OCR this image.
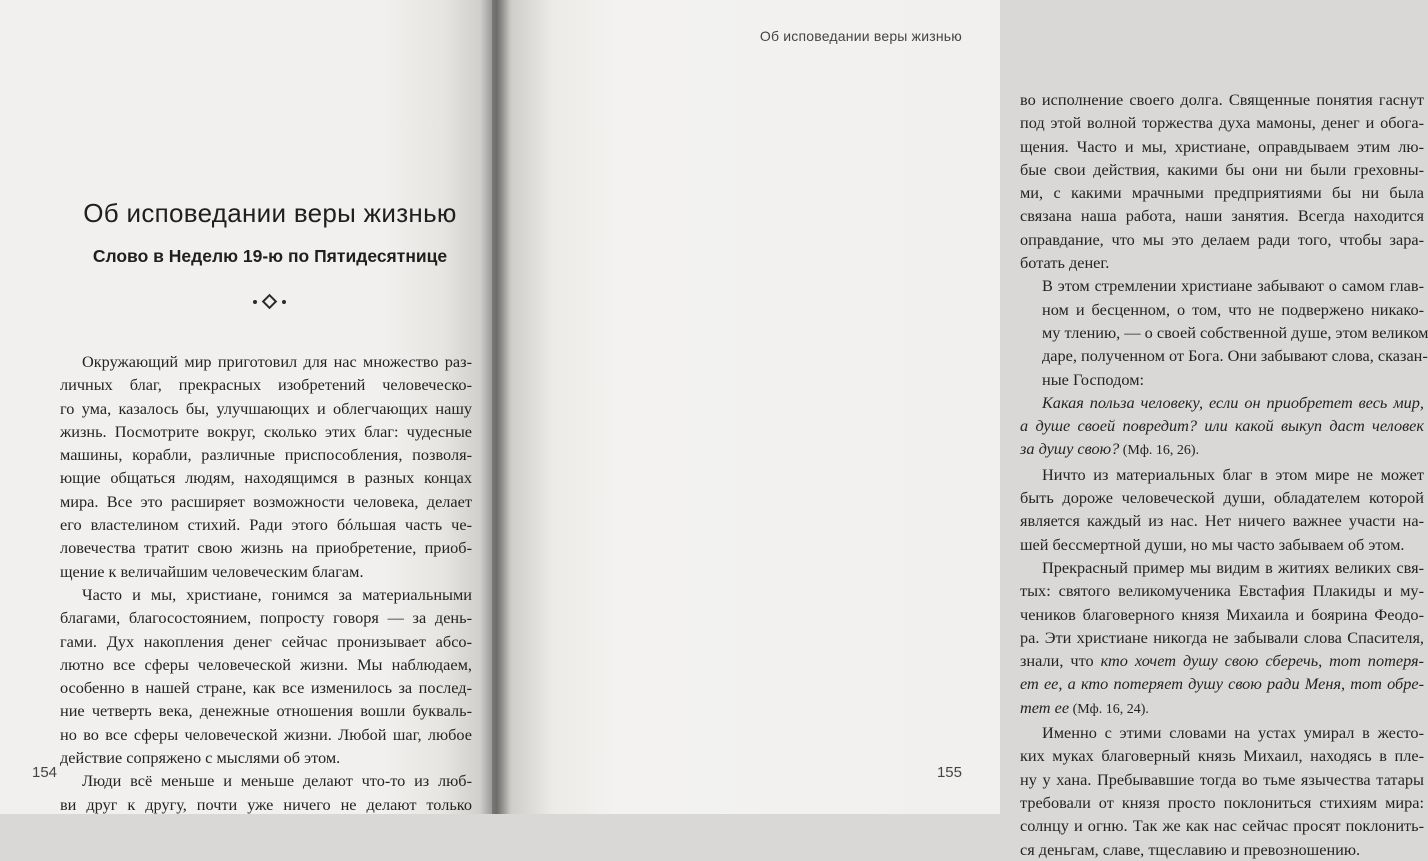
Об исповедании веры жизнью
Слово в Неделю 19-ю по Пятидесятнице

Окружающий мир приготовил для нас множество раз-
личных благ, прекрасных изобретений человеческо-
го ума, казалось бы, улучшающих и облегчающих нашу
жизнь. Посмотрите вокруг, сколько этих благ: чудесные
машины, корабли, различные приспособления, позволя-
ющие общаться людям, находящимся в разных концах
мира. Все это расширяет возможности человека, делает
его властелином стихий. Ради этого бóльшая часть че-
ловечества тратит свою жизнь на приобретение, приоб-
щение к величайшим человеческим благам.

Часто и мы, христиане, гонимся за материальными
благами, благосостоянием, попросту говоря — за день-
гами. Дух накопления денег сейчас пронизывает абсо-
лютно все сферы человеческой жизни. Мы наблюдаем,
особенно в нашей стране, как все изменилось за послед-
ние четверть века, денежные отношения вошли букваль-
но во все сферы человеческой жизни. Любой шаг, любое
действие сопряжено с мыслями об этом.

Люди всё меньше и меньше делают что-то из люб-
ви друг к другу, почти уже ничего не делают только

154
Об исповедании веры жизнью

во исполнение своего долга. Священные понятия гаснут
под этой волной торжества духа мамоны, денег и обога-
щения. Часто и мы, христиане, оправдываем этим лю-
бые свои действия, какими бы они ни были греховны-
ми, с какими мрачными предприятиями бы ни была
связана наша работа, наши занятия. Всегда находится
оправдание, что мы это делаем ради того, чтобы зара-
ботать денег.

В этом стремлении христиане забывают о самом глав-
ном и бесценном, о том, что не подвержено никако-
му тлению, — о своей собственной душе, этом великом
даре, полученном от Бога. Они забывают слова, сказан-
ные Господом:

Какая польза человеку, если он приобретет весь мир,
а душе своей повредит? или какой выкуп даст человек
за душу свою? (Мф. 16, 26).

Ничто из материальных благ в этом мире не может
быть дороже человеческой души, обладателем которой
является каждый из нас. Нет ничего важнее участи на-
шей бессмертной души, но мы часто забываем об этом.

Прекрасный пример мы видим в житиях великих свя-
тых: святого великомученика Евстафия Плакиды и му-
чеников благоверного князя Михаила и боярина Феодо-
ра. Эти христиане никогда не забывали слова Спасителя,
знали, что кто хочет душу свою сберечь, тот потеря-
ет ее, а кто потеряет душу свою ради Меня, тот обре-
тет ее (Мф. 16, 24).

Именно с этими словами на устах умирал в жесто-
ких муках благоверный князь Михаил, находясь в пле-
ну у хана. Пребывавшие тогда во тьме язычества татары
требовали от князя просто поклониться стихиям мира:
солнцу и огню. Так же как нас сейчас просят поклонить-
ся деньгам, славе, тщеславию и превозношению.

155
